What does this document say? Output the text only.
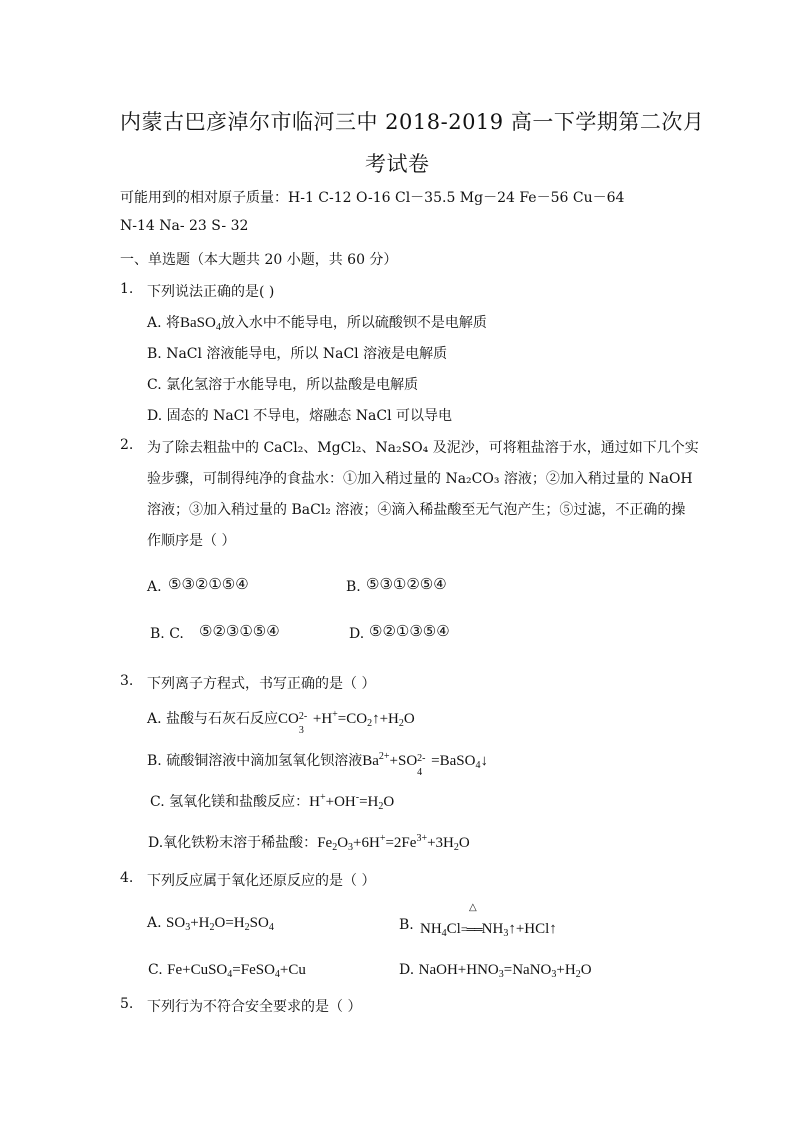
内蒙古巴彦淖尔市临河三中 2018-2019 高一下学期第二次月
考试卷
可能用到的相对原子质量：H-1 C-12 O-16 Cl－35.5 Mg－24 Fe－56 Cu－64
N-14 Na- 23 S- 32
一、单选题（本大题共 20 小题，共 60 分）
1. 下列说法正确的是( )
A. 将BaSO$_4$放入水中不能导电，所以硫酸钡不是电解质
B. NaCl 溶液能导电，所以 NaCl 溶液是电解质
C. 氯化氢溶于水能导电，所以盐酸是电解质
D. 固态的 NaCl 不导电，熔融态 NaCl 可以导电
2. 为了除去粗盐中的 CaCl₂、MgCl₂、Na₂SO₄ 及泥沙，可将粗盐溶于水，通过如下几个实
验步骤，可制得纯净的食盐水：①加入稍过量的 Na₂CO₃ 溶液；②加入稍过量的 NaOH
溶液；③加入稍过量的 BaCl₂ 溶液；④滴入稀盐酸至无气泡产生；⑤过滤，不正确的操
作顺序是（ ）
A. ⑤③②①⑤④	B. ⑤③①②⑤④
B. C. ⑤②③①⑤④	D. ⑤②①③⑤④
3. 下列离子方程式，书写正确的是（ ）
A. 盐酸与石灰石反应CO 2-
3
$+H^+=CO_2↑+H_2O$
B. 硫酸铜溶液中滴加氢氧化钡溶液$Ba^{2+}+SO$ 2-
4
=BaSO$_4$↓
C. 氢氧化镁和盐酸反应：$H^++OH^-=H_2O$
D.氧化铁粉末溶于稀盐酸：$Fe_2O_3+6H^+=2Fe^{3+}+3H_2O$
4. 下列反应属于氧化还原反应的是（ ）
A. $SO_3+H_2O=H_2SO_4$	B.
△
$NH_4Cl=══NH_3↑+HCl↑$
C. Fe+CuSO$_4$=FeSO$_4$+Cu	D. $NaOH+HNO_3=NaNO_3+H_2O$
5. 下列行为不符合安全要求的是（ ）
